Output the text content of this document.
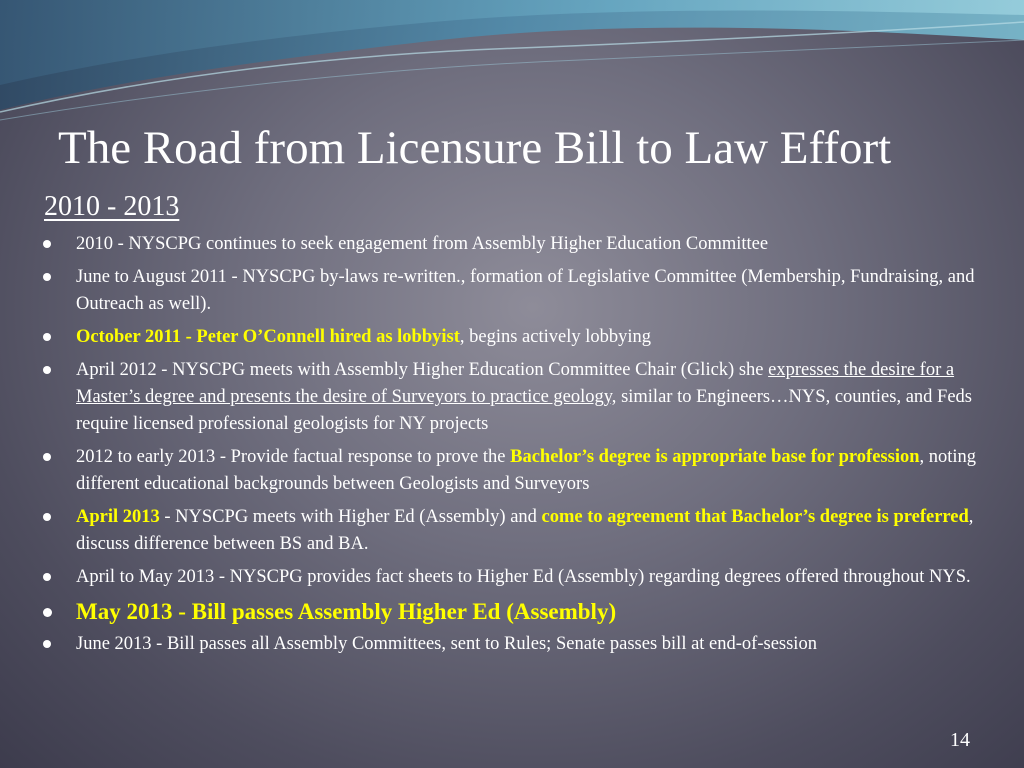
The Road from Licensure Bill to Law Effort
2010 - 2013
2010 - NYSCPG continues to seek engagement from Assembly Higher Education Committee
June to August 2011 - NYSCPG by-laws re-written., formation of Legislative Committee (Membership, Fundraising, and Outreach as well).
October 2011 - Peter O’Connell hired as lobbyist, begins actively lobbying
April 2012 - NYSCPG meets with Assembly Higher Education Committee Chair (Glick) she expresses the desire for a Master’s degree and presents the desire of Surveyors to practice geology, similar to Engineers…NYS, counties, and Feds require licensed professional geologists for NY projects
2012 to early 2013 - Provide factual response to prove the Bachelor’s degree is appropriate base for profession, noting different educational backgrounds between Geologists and Surveyors
April 2013 - NYSCPG meets with Higher Ed (Assembly) and come to agreement that Bachelor’s degree is preferred, discuss difference between BS and BA.
April to May 2013 - NYSCPG provides fact sheets to Higher Ed (Assembly) regarding degrees offered throughout NYS.
May 2013 - Bill passes Assembly Higher Ed (Assembly)
June 2013 - Bill passes all Assembly Committees, sent to Rules; Senate passes bill at end-of-session
14
